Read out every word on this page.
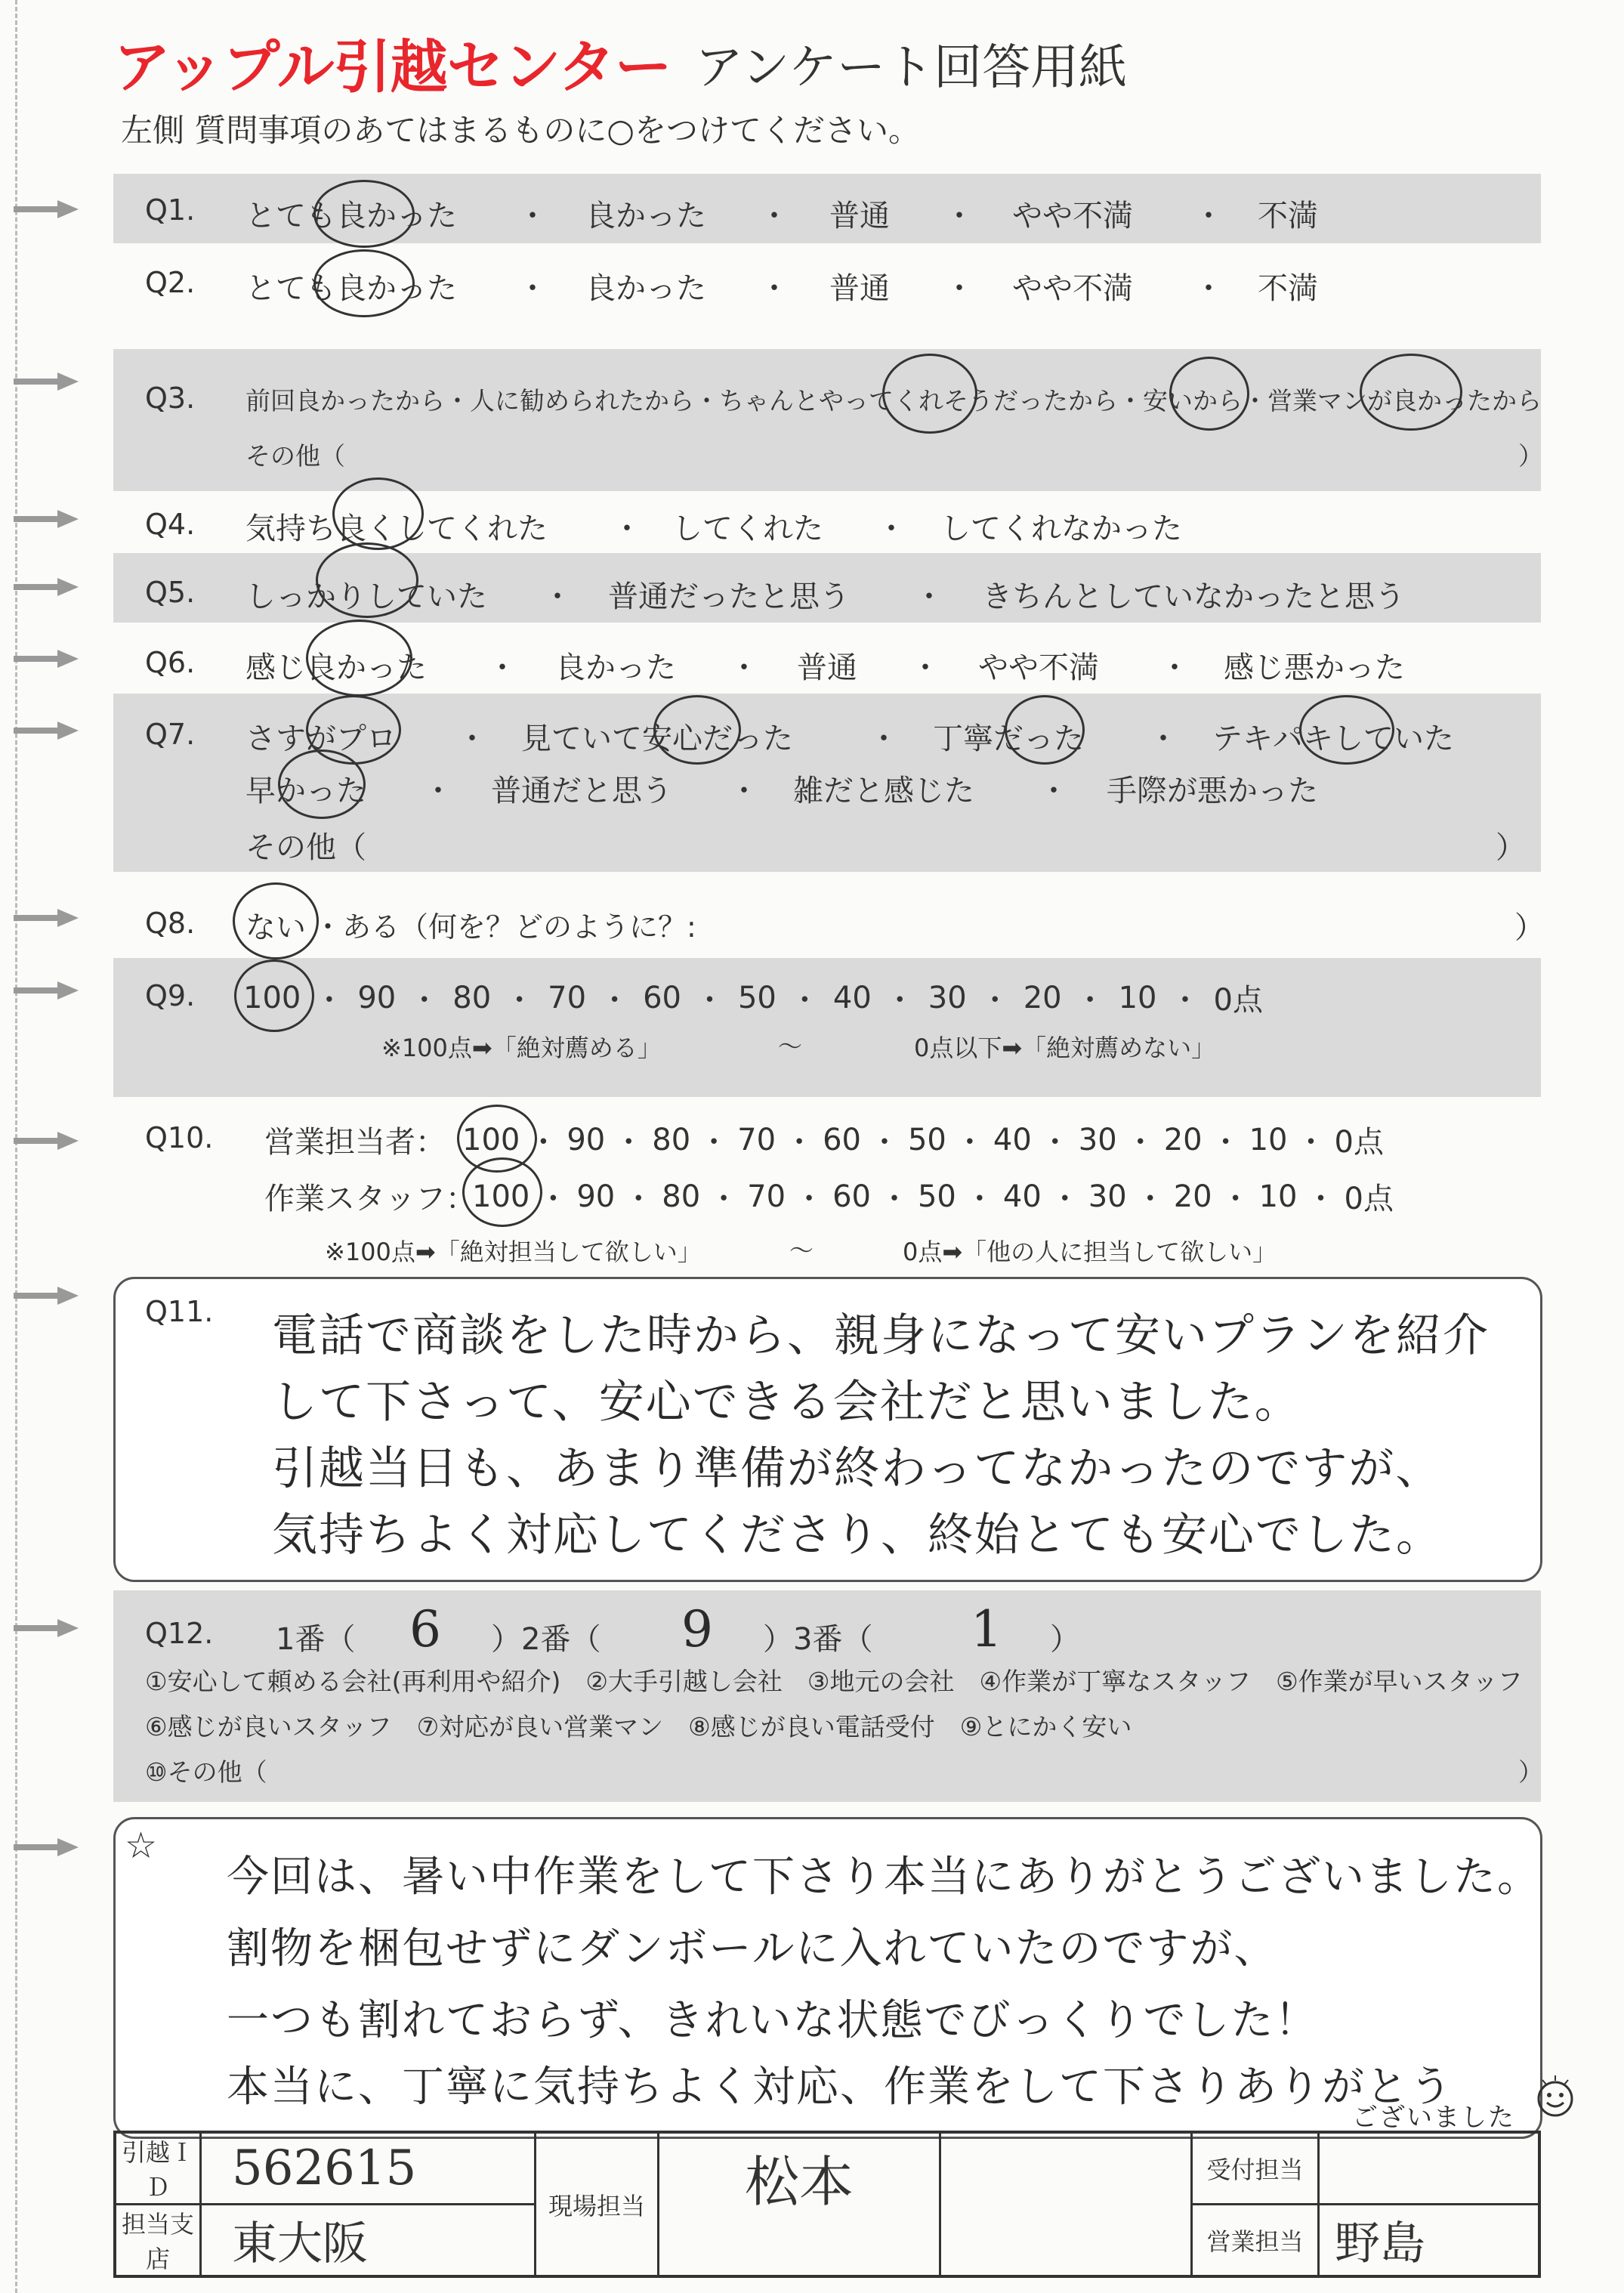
アップル引越センター アンケート回答用紙
左側 質問事項のあてはまるものに○をつけてください。
Q1. とても良かった ・ 良かった ・ 普通 ・ やや不満 ・ 不満
Q2. とても良かった ・ 良かった ・ 普通 ・ やや不満 ・ 不満
Q3. 前回良かったから・人に勧められたから・ちゃんとやってくれそうだったから・安いから・営業マンが良かったから
その他（	）
Q4. 気持ち良くしてくれた ・ してくれた ・ してくれなかった
Q5. しっかりしていた ・ 普通だったと思う ・ きちんとしていなかったと思う
Q6. 感じ良かった ・ 良かった ・ 普通 ・ やや不満 ・ 感じ悪かった
Q7. さすがプロ ・ 見ていて安心だった	・ 丁寧だった ・ テキパキしていた
早かった ・ 普通だと思う ・ 雑だと感じた ・ 手際が悪かった
その他（	）
Q8. ない ・ある（何を？どのように？:	）
Q9. 100 ・ 90 ・ 80 ・ 70 ・ 60 ・ 50 ・ 40 ・ 30 ・ 20 ・ 10 ・ 0点
※100点➡「絶対薦める」	〜	0点以下➡「絶対薦めない」
Q10. 営業担当者： 100 ・ 90 ・ 80 ・ 70 ・ 60 ・ 50 ・ 40 ・ 30 ・ 20 ・ 10 ・ 0点
作業スタッフ：
100 ・ 90 ・ 80 ・ 70 ・ 60 ・ 50 ・ 40 ・ 30 ・ 20 ・ 10 ・ 0点
※100点➡「絶対担当して欲しい」	〜	0点➡「他の人に担当して欲しい」
Q11. 電話で商談をした時から、親身になって安いプランを紹介
して下さって、安心できる会社だと思いました。
引越当日も、あまり準備が終わってなかったのですが、
気持ちよく対応してくださり、終始とても安心でした。
Q12. 1番（ 6 ）2番（ 9 ）3番（ 1 ）
①安心して頼める会社(再利用や紹介)　②大手引越し会社　③地元の会社　④作業が丁寧なスタッフ　⑤作業が早いスタッフ
⑥感じが良いスタッフ　⑦対応が良い営業マン　⑧感じが良い電話受付　⑨とにかく安い
⑩その他（	）
☆
今回は、暑い中作業をして下さり本当にありがとうございました。
割物を梱包せずにダンボールに入れていたのですが、
一つも割れておらず、きれいな状態でびっくりでした！
本当に、丁寧に気持ちよく対応、作業をして下さりありがとう
ございました
引越ＩＤ	562615	現場担当	松本		受付担当	
担当支店	東大阪				営業担当	野島
